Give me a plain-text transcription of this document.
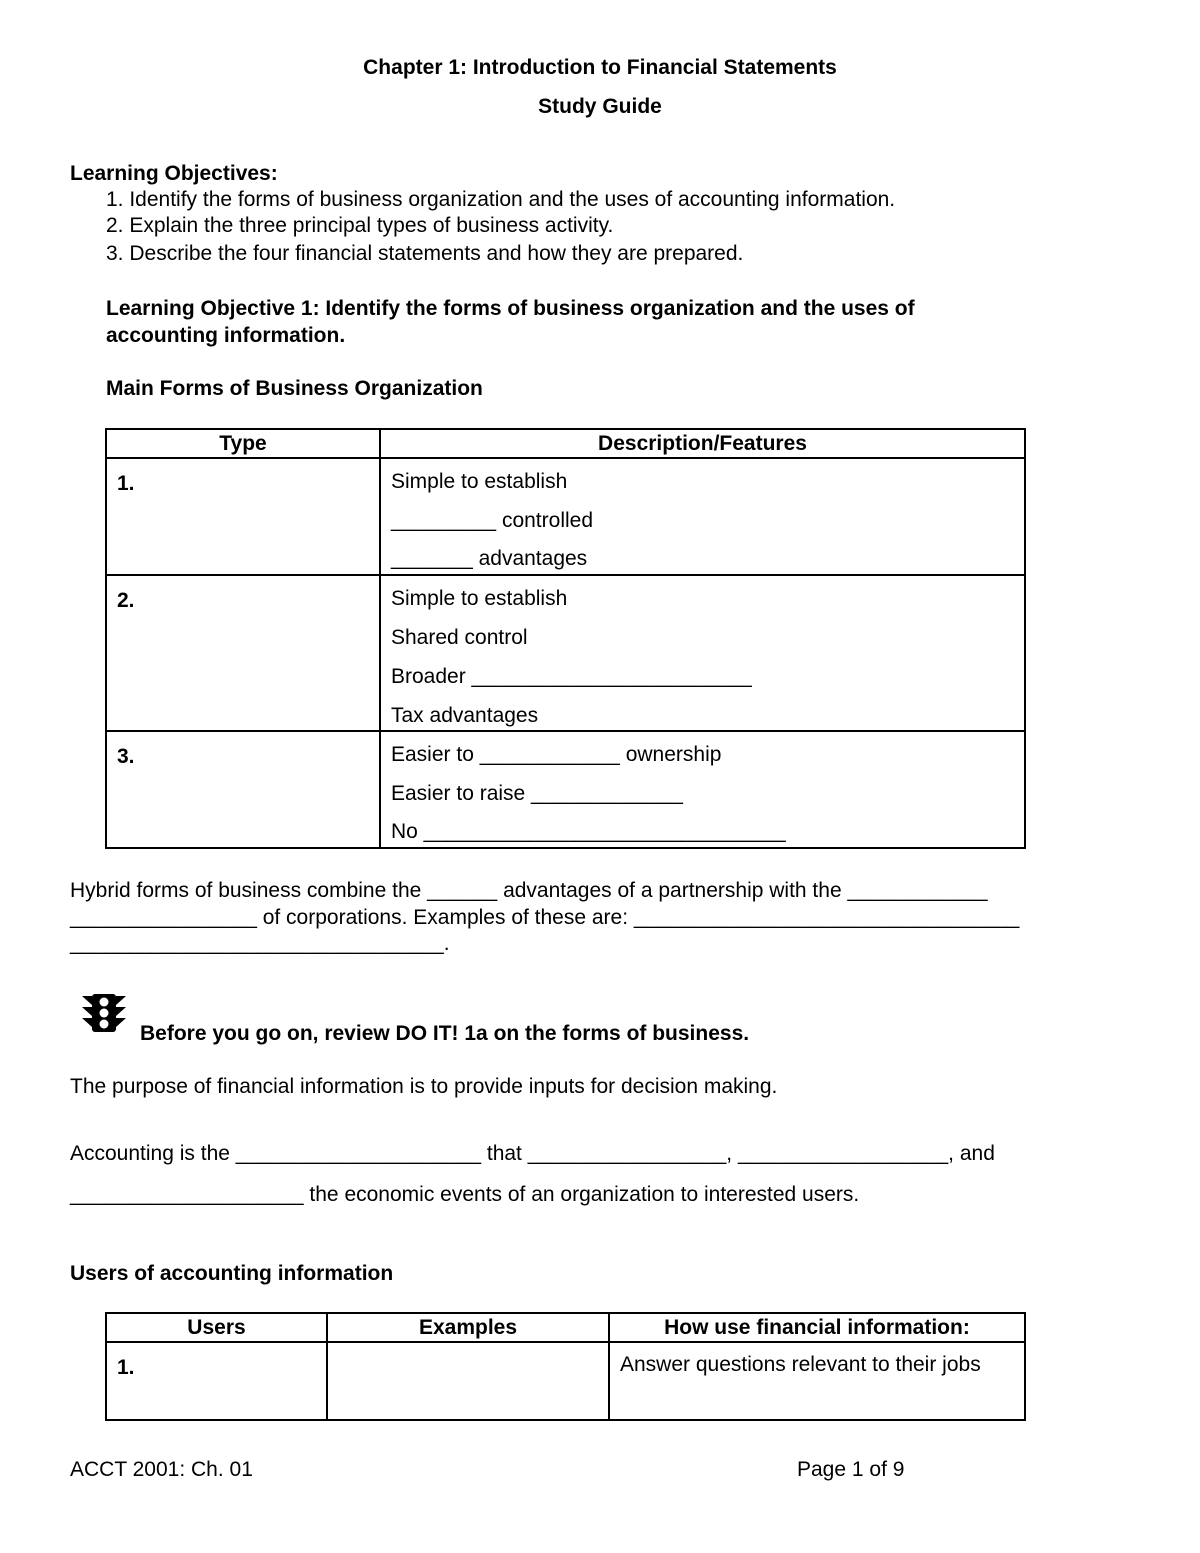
Chapter 1: Introduction to Financial Statements
Study Guide
Learning Objectives:
1. Identify the forms of business organization and the uses of accounting information.
2. Explain the three principal types of business activity.
3. Describe the four financial statements and how they are prepared.
Learning Objective 1: Identify the forms of business organization and the uses of
accounting information.
Main Forms of Business Organization
Type	Description/Features

1.	Simple to establish
_________ controlled
_______ advantages

2.	Simple to establish
Shared control
Broader ________________________
Tax advantages

3.	Easier to ____________ ownership
Easier to raise _____________
No _______________________________
Hybrid forms of business combine the ______ advantages of a partnership with the ____________
________________ of corporations. Examples of these are: _________________________________
________________________________.
Before you go on, review DO IT! 1a on the forms of business.
The purpose of financial information is to provide inputs for decision making.
Accounting is the _____________________ that _________________, __________________, and
____________________ the economic events of an organization to interested users.
Users of accounting information
Users	Examples	How use financial information:

1.		Answer questions relevant to their jobs
ACCT 2001: Ch. 01	Page 1 of 9
